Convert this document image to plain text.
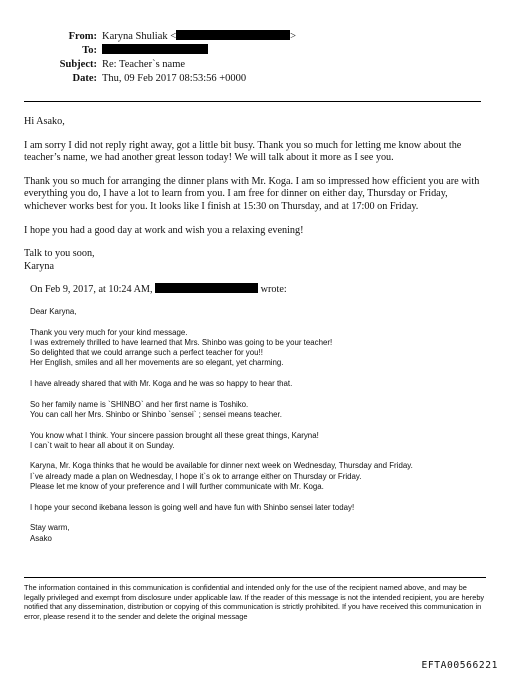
From: Karyna Shuliak <	>
To:
Subject: Re: Teacher`s name
Date: Thu, 09 Feb 2017 08:53:56 +0000

Hi Asako,

I am sorry I did not reply right away, got a little bit busy. Thank you so much for letting me know about the teacher’s name, we had another great lesson today! We will talk about it more as I see you.

Thank you so much for arranging the dinner plans with Mr. Koga. I am so impressed how efficient you are with everything you do, I have a lot to learn from you. I am free for dinner on either day, Thursday or Friday, whichever works best for you. It looks like I finish at 15:30 on Thursday, and at 17:00 on Friday.

I hope you had a good day at work and wish you a relaxing evening!

Talk to you soon,
Karyna

On Feb 9, 2017, at 10:24 AM,	wrote:

Dear Karyna,

Thank you very much for your kind message.
I was extremely thrilled to have learned that Mrs. Shinbo was going to be your teacher!
So delighted that we could arrange such a perfect teacher for you!!
Her English, smiles and all her movements are so elegant, yet charming.

I have already shared that with Mr. Koga and he was so happy to hear that.

So her family name is `SHINBO` and her first name is Toshiko.
You can call her Mrs. Shinbo or Shinbo `sensei` ; sensei means teacher.

You know what I think. Your sincere passion brought all these great things, Karyna!
I can`t wait to hear all about it on Sunday.

Karyna, Mr. Koga thinks that he would be available for dinner next week on Wednesday, Thursday and Friday.
I`ve already made a plan on Wednesday, I hope it`s ok to arrange either on Thursday or Friday.
Please let me know of your preference and I will further communicate with Mr. Koga.

I hope your second ikebana lesson is going well and have fun with Shinbo sensei later today!

Stay warm,
Asako

The information contained in this communication is confidential and intended only for the use of the recipient named above, and may be legally privileged and exempt from disclosure under applicable law. If the reader of this message is not the intended recipient, you are hereby notified that any dissemination, distribution or copying of this communication is strictly prohibited. If you have received this communication in error, please resend it to the sender and delete the original message
EFTA00566221
